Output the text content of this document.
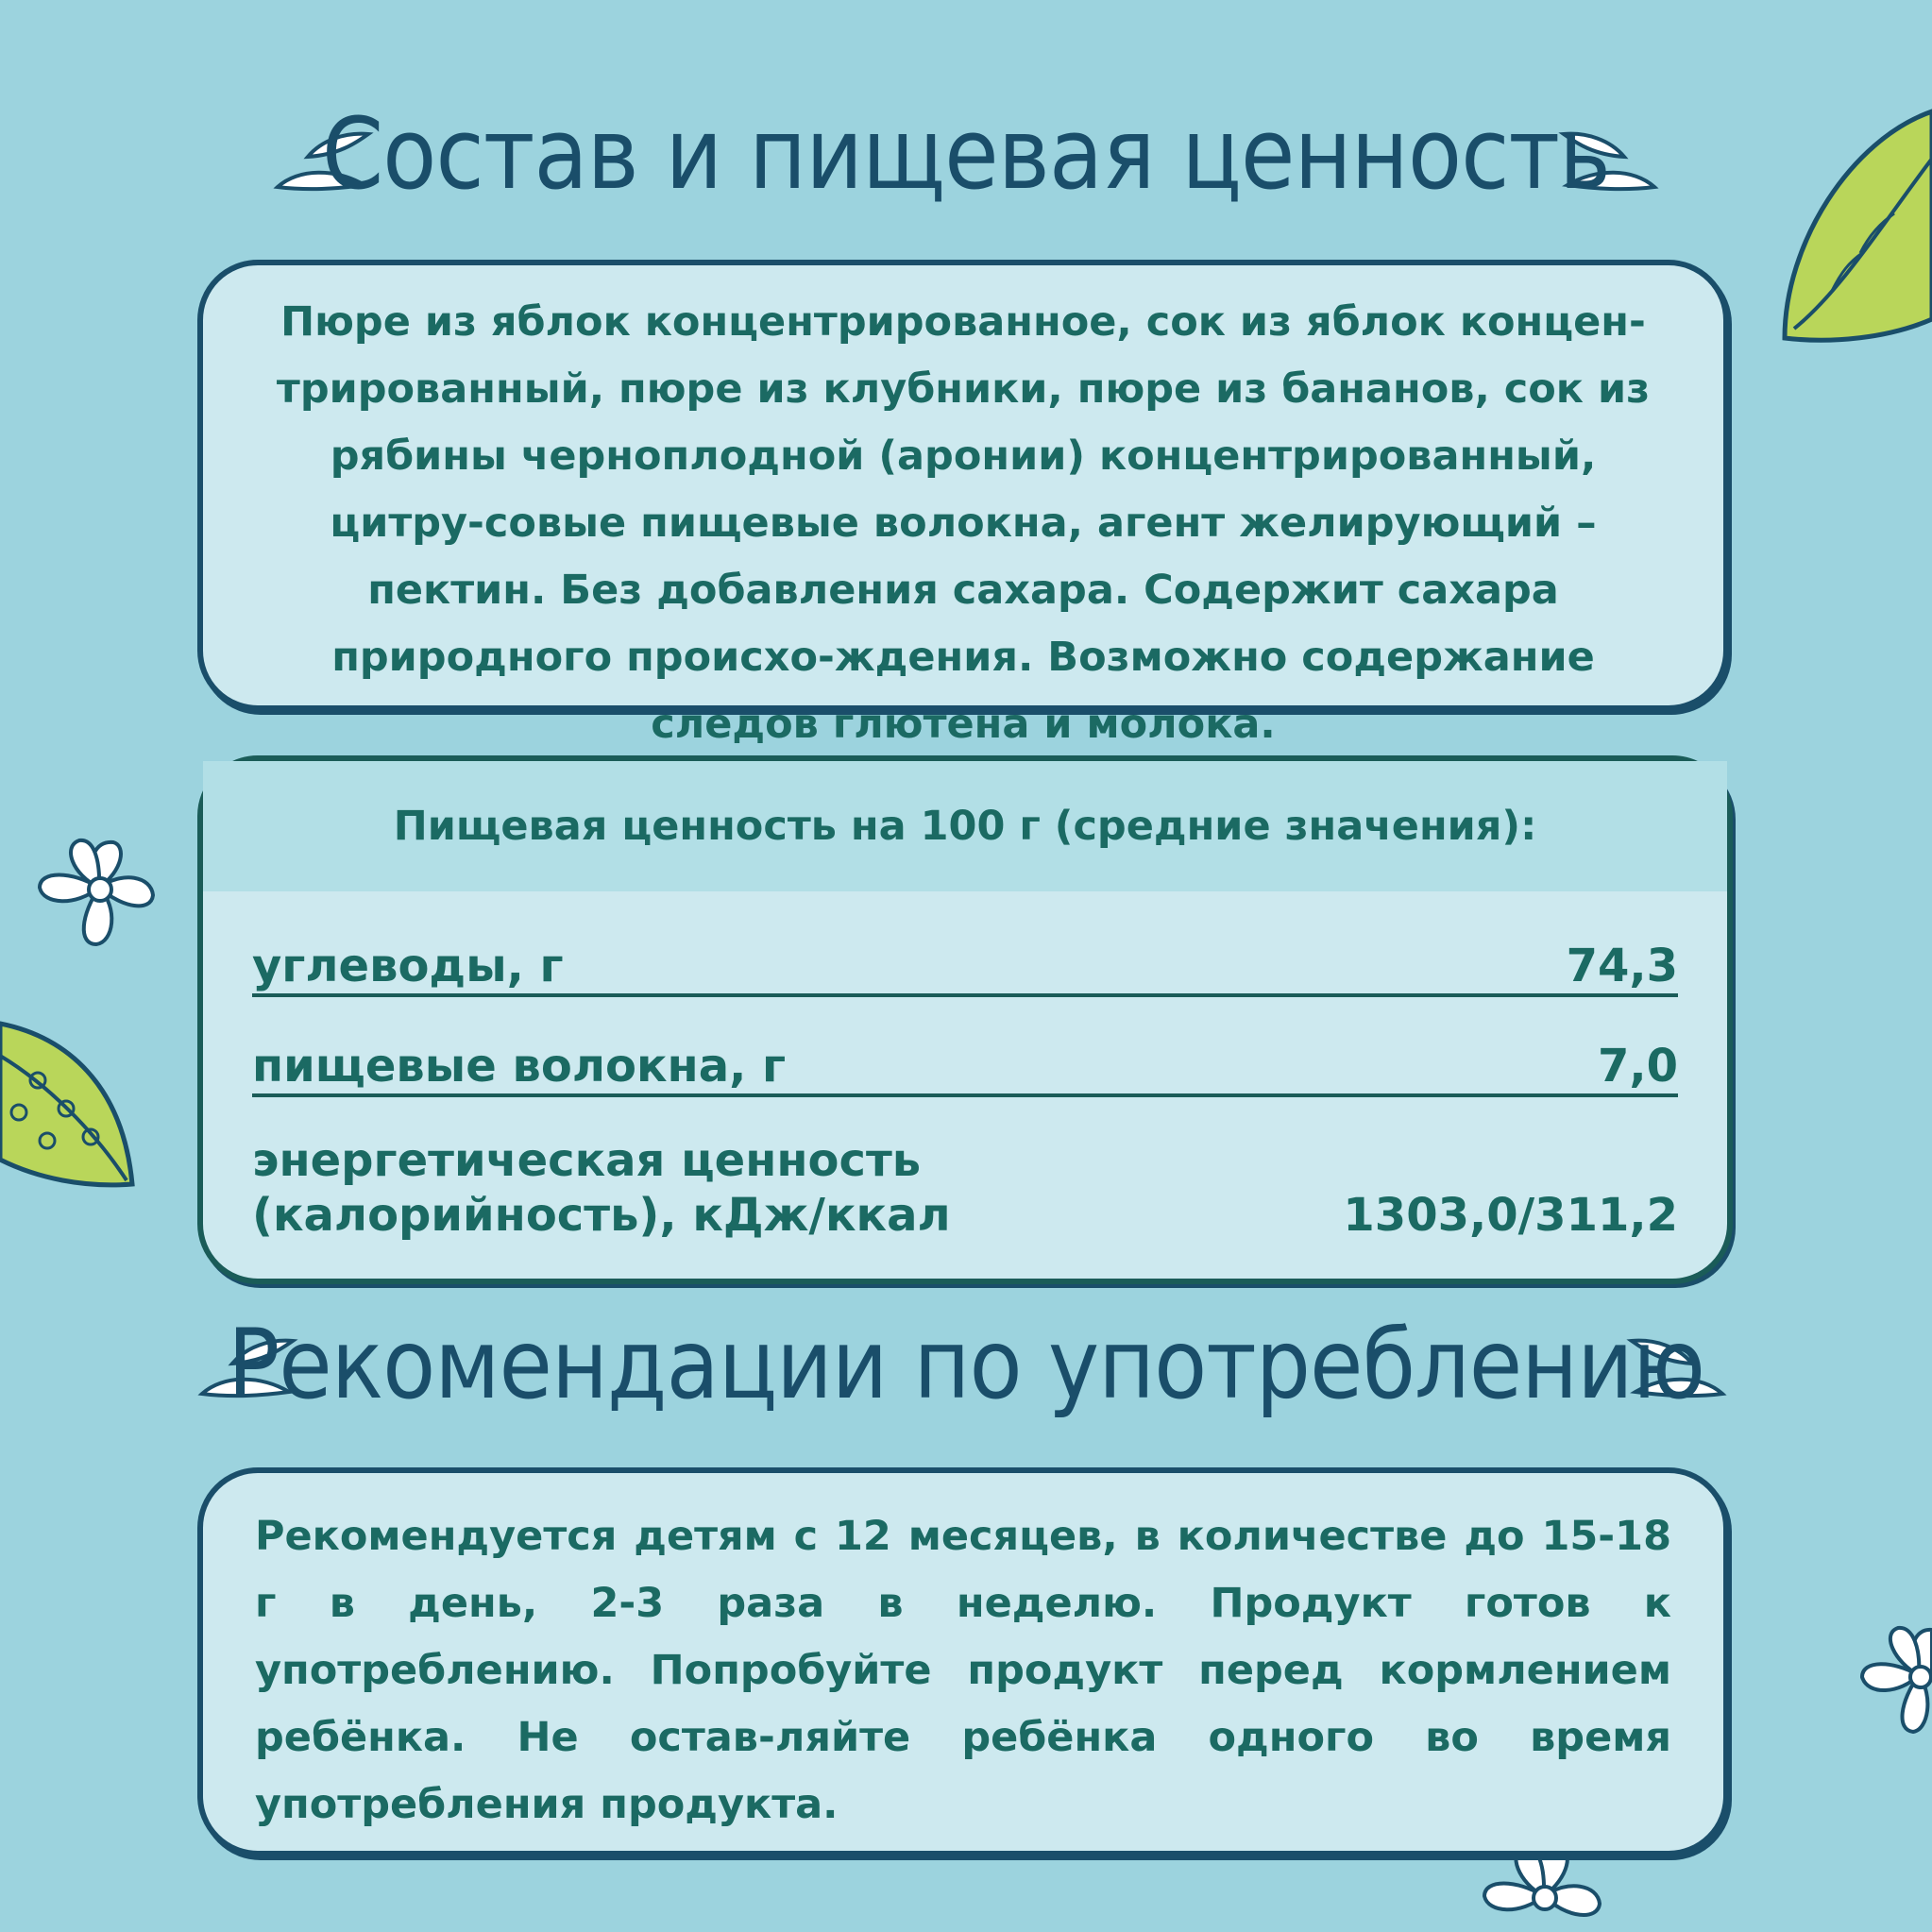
Состав и пищевая ценность

Пюре из яблок концентрированное, сок из яблок концен-трированный, пюре из клубники, пюре из бананов, сок из рябины черноплодной (аронии) концентрированный, цитру-совые пищевые волокна, агент желирующий – пектин. Без добавления сахара. Содержит сахара природного происхо-ждения. Возможно содержание следов глютена и молока.

Пищевая ценность на 100 г (средние значения):

углеводы, г	74,3
пищевые волокна, г	7,0
энергетическая ценность
(калорийность), кДж/ккал	1303,0/311,2
Рекомендации по употреблению

Рекомендуется детям с 12 месяцев, в количестве до 15-18 г в день, 2-3 раза в неделю. Продукт готов к употреблению. Попробуйте продукт перед кормлением ребёнка. Не остав-ляйте ребёнка одного во время употребления продукта.
